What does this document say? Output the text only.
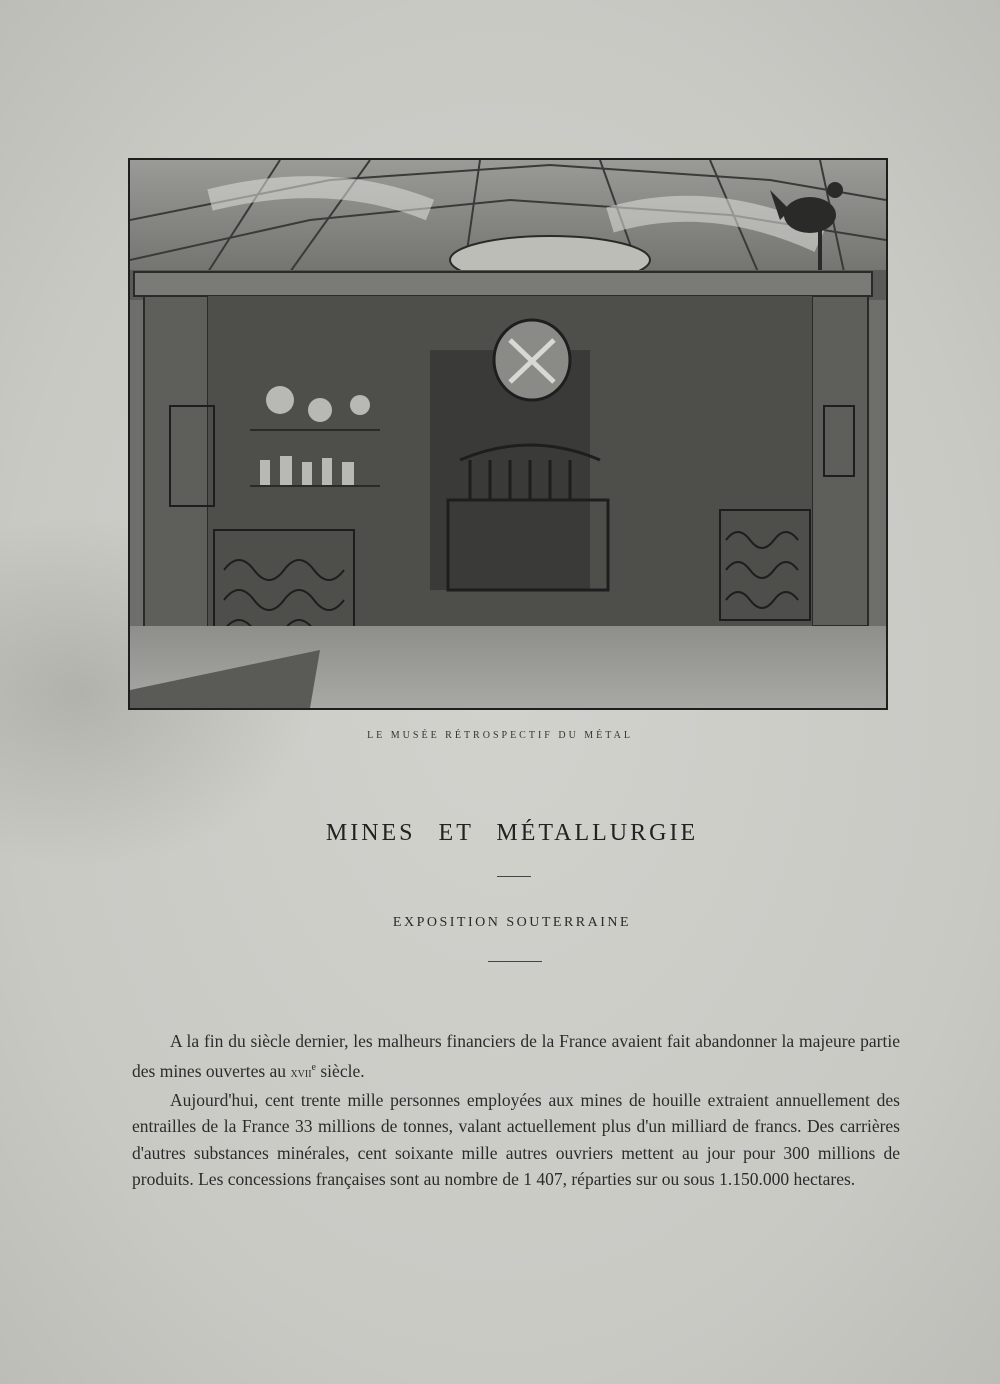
LE MUSÉE RÉTROSPECTIF DU MÉTAL
MINES ET MÉTALLURGIE
EXPOSITION SOUTERRAINE

A la fin du siècle dernier, les malheurs financiers de la France avaient fait abandonner la majeure partie des mines ouvertes au xvii$^e$ siècle.

Aujourd'hui, cent trente mille personnes employées aux mines de houille extraient annuellement des entrailles de la France 33 millions de tonnes, valant actuellement plus d'un milliard de francs. Des carrières d'autres substances minérales, cent soixante mille autres ouvriers mettent au jour pour 300 millions de produits. Les concessions françaises sont au nombre de 1 407, réparties sur ou sous 1.150.000 hectares.
